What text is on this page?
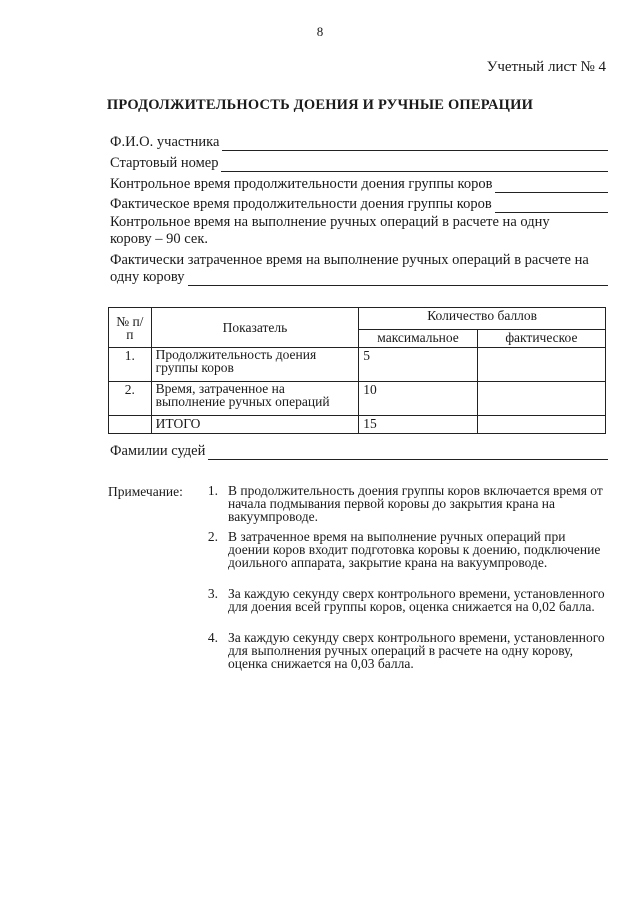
8
Учетный лист № 4
ПРОДОЛЖИТЕЛЬНОСТЬ ДОЕНИЯ И РУЧНЫЕ ОПЕРАЦИИ
Ф.И.О. участника
Стартовый номер
Контрольное время продолжительности доения группы коров
Фактическое время продолжительности доения группы коров
Контрольное время на выполнение ручных операций в расчете на одну
корову – 90 сек.
Фактически затраченное время на выполнение ручных операций в расчете на
одну корову
№ п/п	Показатель	Количество баллов	
		максимальное	фактическое
1.	Продолжительность доения группы коров	5	
2.	Время, затраченное на выполнение ручных операций	10	
	ИТОГО	15	
Фамилии судей
Примечание:	1. В продолжительность доения группы коров включается время от начала подмывания первой коровы до закрытия крана на вакуумпроводе.
2. В затраченное время на выполнение ручных операций при доении коров входит подготовка коровы к доению, подключение доильного аппарата, закрытие крана на вакуумпроводе.
3. За каждую секунду сверх контрольного времени, установленного для доения всей группы коров, оценка снижается на 0,02 балла.
4. За каждую секунду сверх контрольного времени, установленного для выполнения ручных операций в расчете на одну корову, оценка снижается на 0,03 балла.
